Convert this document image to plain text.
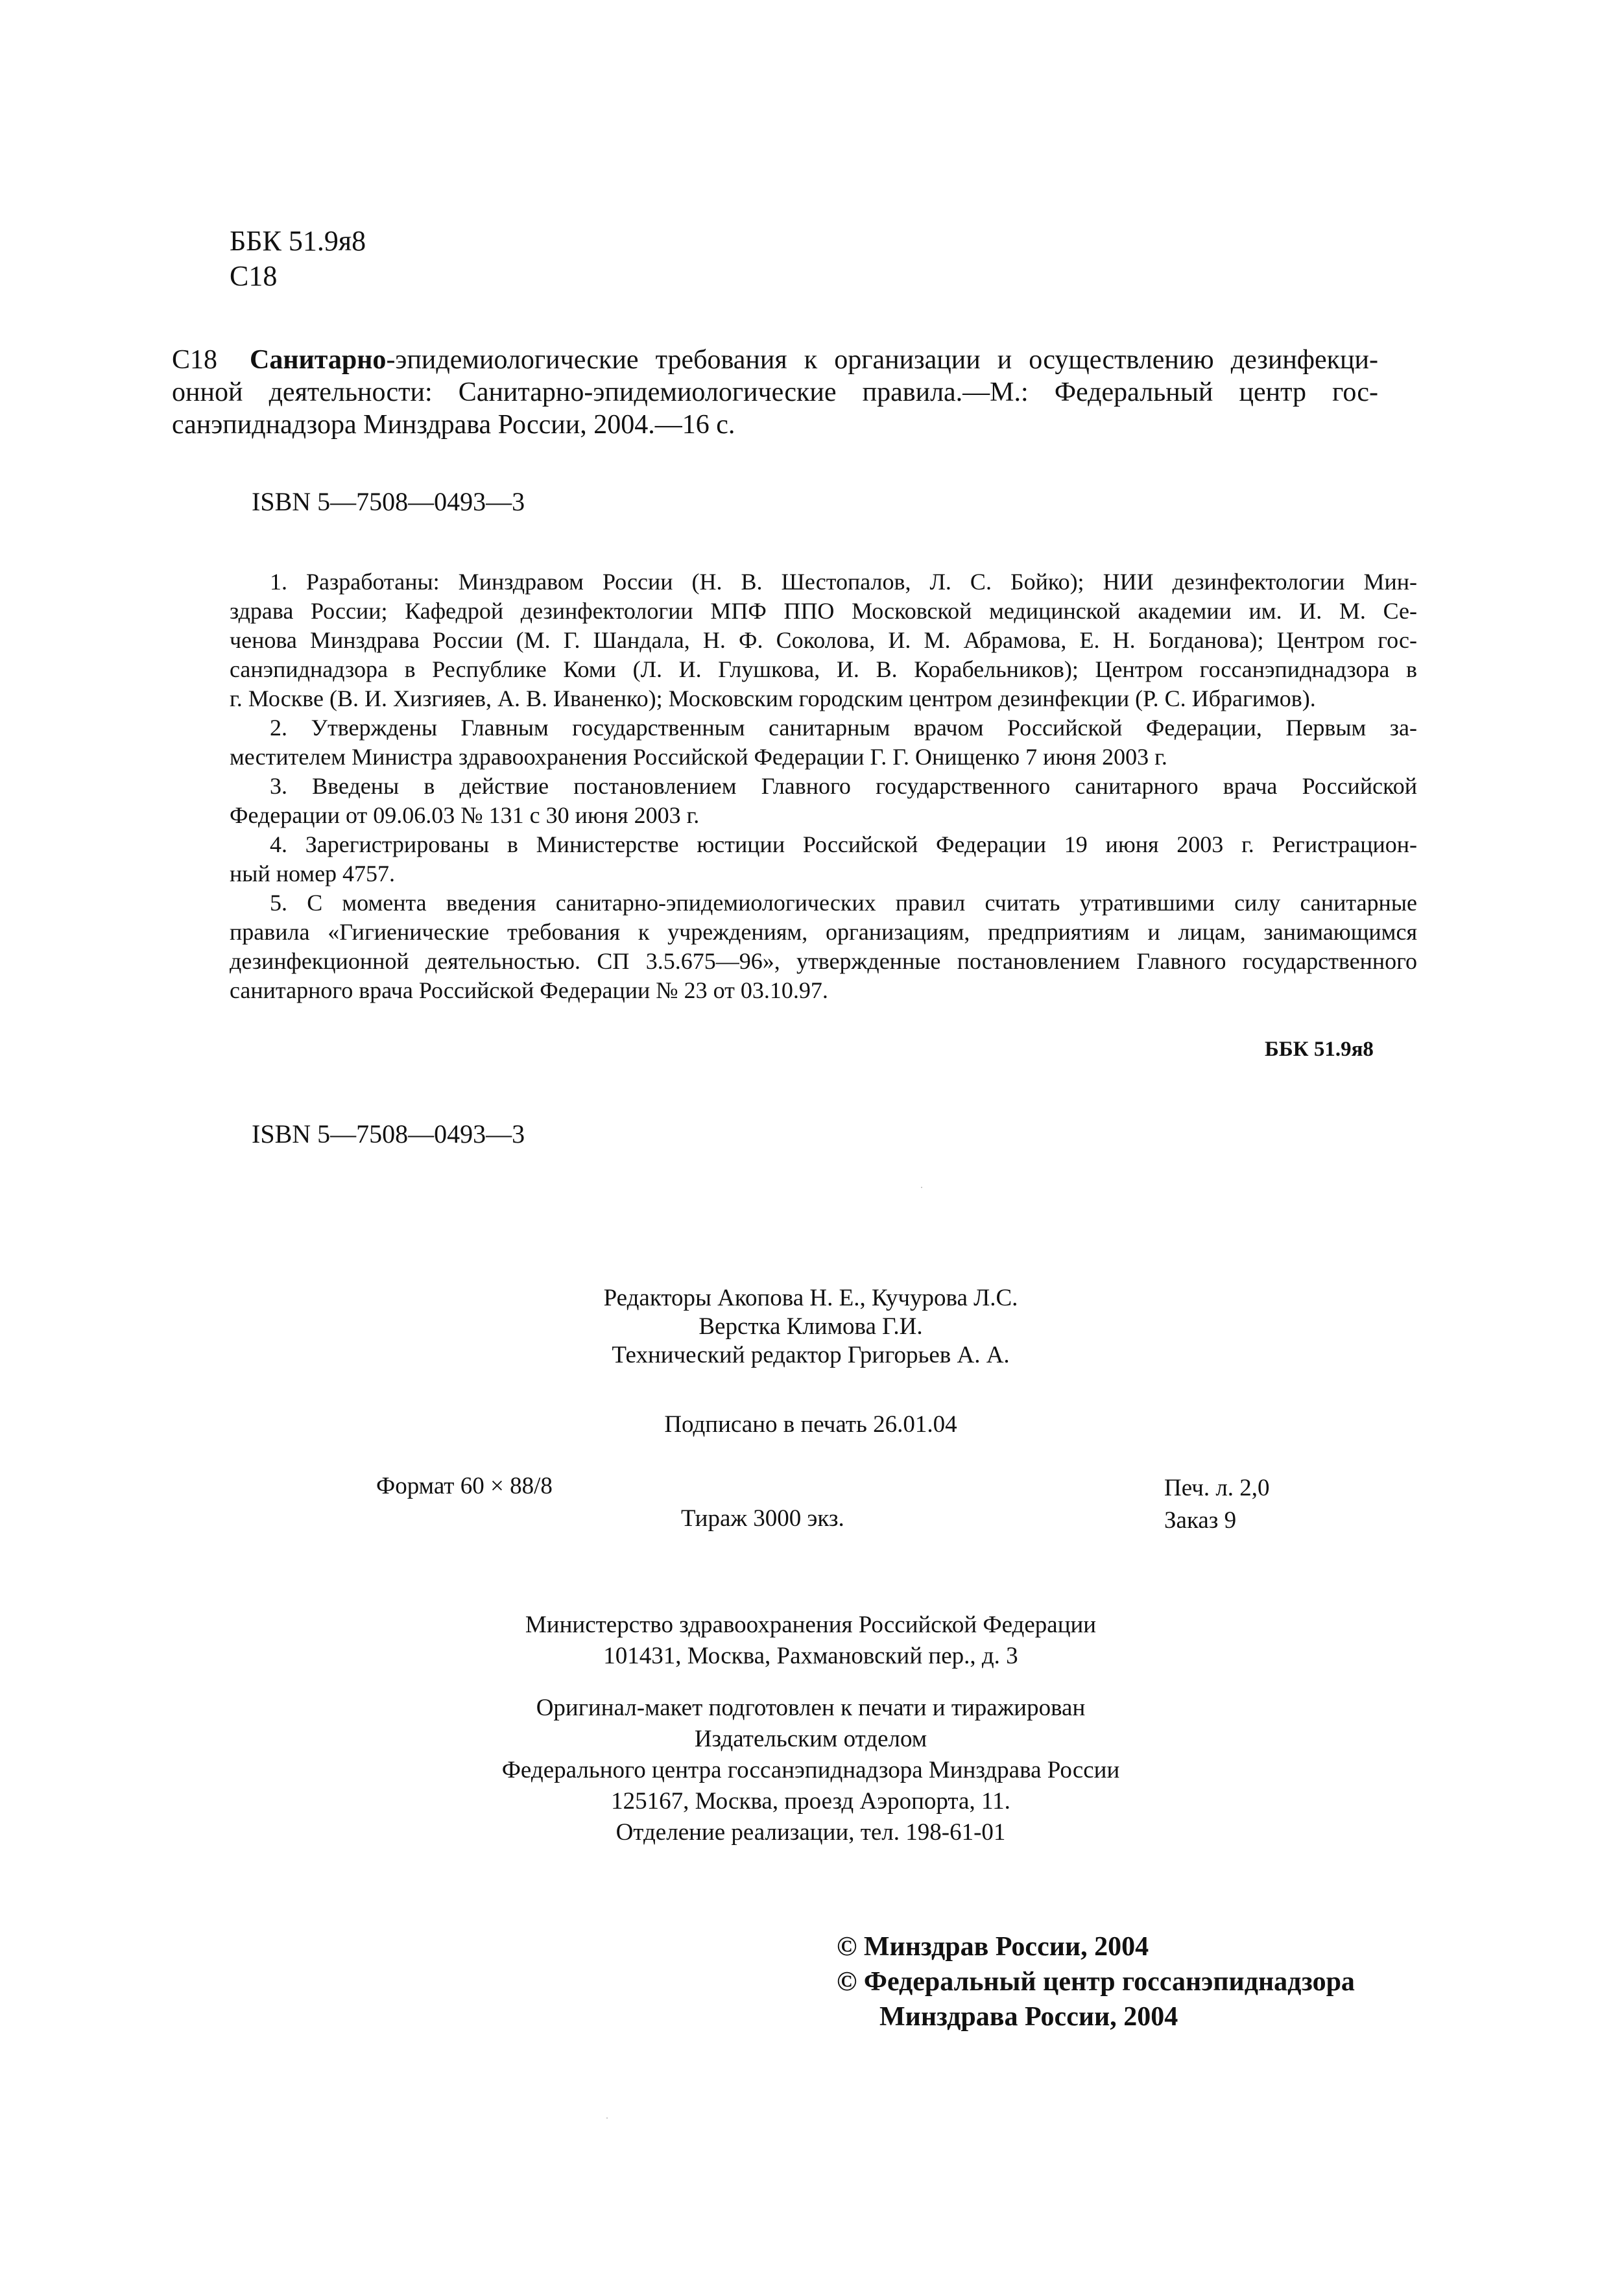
ББК 51.9я8
С18
С18 Санитарно-эпидемиологические требования к организации и осуществлению дезинфекци-
онной деятельности: Санитарно-эпидемиологические правила.—М.: Федеральный центр гос-
санэпиднадзора Минздрава России, 2004.—16 с.
ISBN 5—7508—0493—3
1. Разработаны: Минздравом России (Н. В. Шестопалов, Л. С. Бойко); НИИ дезинфектологии Мин-
здрава России; Кафедрой дезинфектологии МПФ ППО Московской медицинской академии им. И. М. Се-
ченова Минздрава России (М. Г. Шандала, Н. Ф. Соколова, И. М. Абрамова, Е. Н. Богданова); Центром гос-
санэпиднадзора в Республике Коми (Л. И. Глушкова, И. В. Корабельников); Центром госсанэпиднадзора в
г. Москве (В. И. Хизгияев, А. В. Иваненко); Московским городским центром дезинфекции (Р. С. Ибрагимов).
2. Утверждены Главным государственным санитарным врачом Российской Федерации, Первым за-
местителем Министра здравоохранения Российской Федерации Г. Г. Онищенко 7 июня 2003 г.
3. Введены в действие постановлением Главного государственного санитарного врача Российской
Федерации от 09.06.03 № 131 с 30 июня 2003 г.
4. Зарегистрированы в Министерстве юстиции Российской Федерации 19 июня 2003 г. Регистрацион-
ный номер 4757.
5. С момента введения санитарно-эпидемиологических правил считать утратившими силу санитарные
правила «Гигиенические требования к учреждениям, организациям, предприятиям и лицам, занимающимся
дезинфекционной деятельностью. СП 3.5.675—96», утвержденные постановлением Главного государственного
санитарного врача Российской Федерации № 23 от 03.10.97.
ББК 51.9я8
ISBN 5—7508—0493—3
Редакторы Акопова Н. Е., Кучурова Л.С.
Верстка Климова Г.И.
Технический редактор Григорьев А. А.
Подписано в печать 26.01.04
Формат 60 × 88/8
Тираж 3000 экз.
Печ. л. 2,0
Заказ 9
Министерство здравоохранения Российской Федерации
101431, Москва, Рахмановский пер., д. 3
Оригинал-макет подготовлен к печати и тиражирован
Издательским отделом
Федерального центра госсанэпиднадзора Минздрава России
125167, Москва, проезд Аэропорта, 11.
Отделение реализации, тел. 198-61-01
© Минздрав России, 2004
© Федеральный центр госсанэпиднадзора
Минздрава России, 2004
